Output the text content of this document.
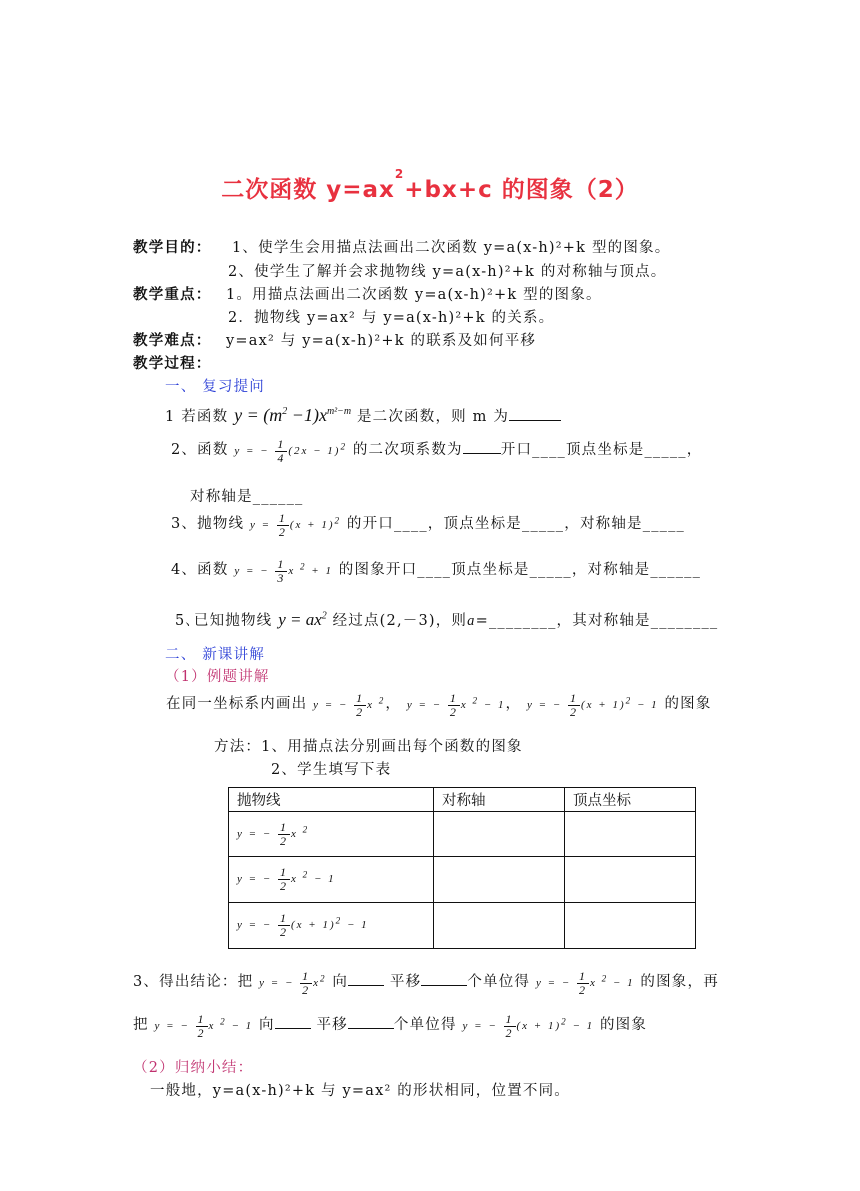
二次函数 $y=ax^2+bx+c$ 的图象（2）
教学目的： 1、使学生会用描点法画出二次函数 y=a(x-h)²+k 型的图象。
2、使学生了解并会求抛物线 y=a(x-h)²+k 的对称轴与顶点。
教学重点： 1。用描点法画出二次函数 y=a(x-h)²+k 型的图象。
2．抛物线 y=ax² 与 y=a(x-h)²+k 的关系。
教学难点： y=ax² 与 y=a(x-h)²+k 的联系及如何平移
教学过程：
一、 复习提问
1 若函数 $y = (m^2 -1)x^{m^2-m}$ 是二次函数，则 m 为
2、函数 y = − $\frac{1}{4} (2x - 1)^2$ 的二次项系数为	开口____顶点坐标是_____，
对称轴是______
3、抛物线 $y = \frac{1}{2} (x + 1)^2$ 的开口____，顶点坐标是_____，对称轴是_____
4、函数 y = − $\frac{1}{3}$ x $^2$ + 1 的图象开口____顶点坐标是_____，对称轴是______
5､已知抛物线 $y = ax^2$ 经过点(2,－3)，则a=________，其对称轴是________
二、 新课讲解
（1）例题讲解
在同一坐标系内画出 y = − $\frac{1}{2}$ x $^2$， y = − $\frac{1}{2}$ x $^2$ − 1， y = − $\frac{1}{2} (x + 1)^2 - 1$ 的图象
方法：1、用描点法分别画出每个函数的图象
2、学生填写下表
抛物线	对称轴	顶点坐标
y = − $\frac{1}{2}$ x $^2$		
y = − $\frac{1}{2}$ x $^2$ − 1		
y = − $\frac{1}{2} (x + 1)^2 - 1$		
3、得出结论：把 y = − $\frac{1}{2} x^2$ 向	平移	个单位得 y = − $\frac{1}{2}$ x $^2$ − 1 的图象，再
把 y = − $\frac{1}{2}$ x $^2$ − 1 向	平移	个单位得 y = − $\frac{1}{2} (x + 1)^2 - 1$ 的图象
（2）归纳小结：
一般地，y=a(x-h)²+k 与 y=ax² 的形状相同，位置不同。
